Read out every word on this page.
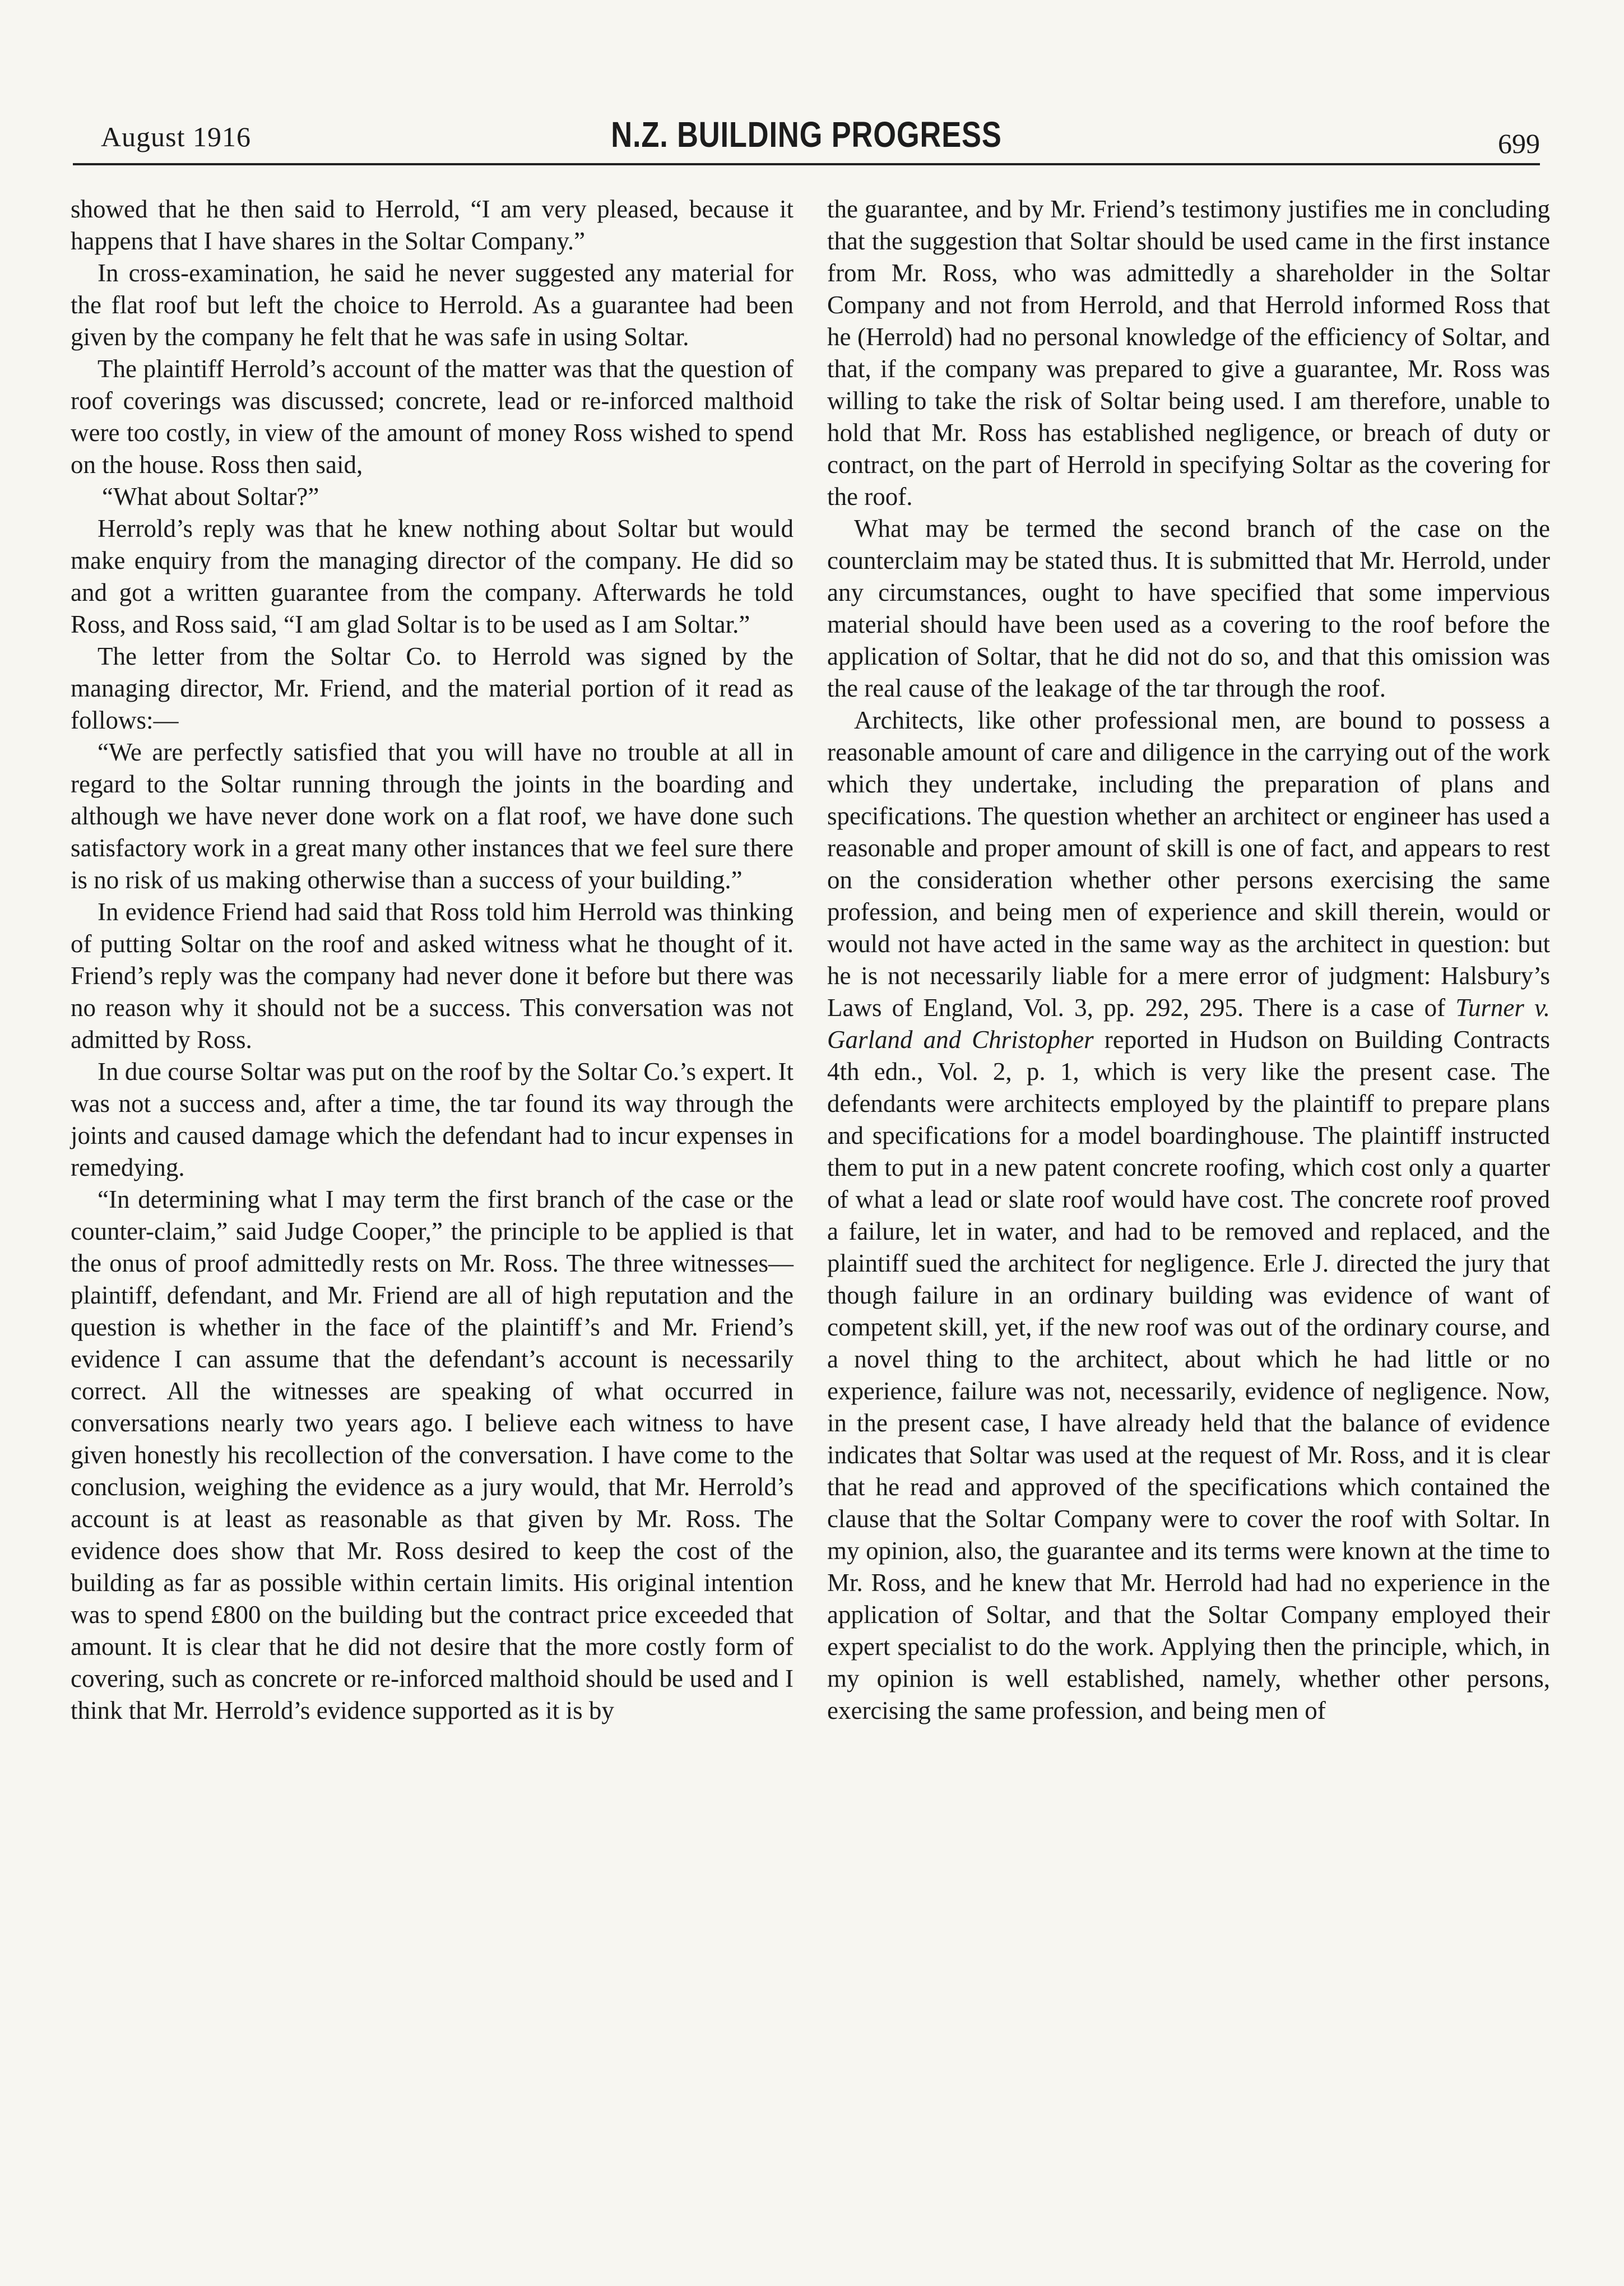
August 1916	N.Z. BUILDING PROGRESS	699

showed that he then said to Herrold, “I am very pleased, because it happens that I have shares in the Soltar Company.”

In cross-examination, he said he never suggested any material for the flat roof but left the choice to Herrold. As a guarantee had been given by the company he felt that he was safe in using Soltar.

The plaintiff Herrold’s account of the matter was that the question of roof coverings was discussed; concrete, lead or re-inforced malthoid were too costly, in view of the amount of money Ross wished to spend on the house. Ross then said,

“What about Soltar?”

Herrold’s reply was that he knew nothing about Soltar but would make enquiry from the managing director of the company. He did so and got a written guarantee from the company. Afterwards he told Ross, and Ross said, “I am glad Soltar is to be used as I am Soltar.”

The letter from the Soltar Co. to Herrold was signed by the managing director, Mr. Friend, and the material portion of it read as follows:—

“We are perfectly satisfied that you will have no trouble at all in regard to the Soltar running through the joints in the boarding and although we have never done work on a flat roof, we have done such satisfactory work in a great many other instances that we feel sure there is no risk of us making otherwise than a success of your building.”

In evidence Friend had said that Ross told him Herrold was thinking of putting Soltar on the roof and asked witness what he thought of it. Friend’s reply was the company had never done it before but there was no reason why it should not be a success. This conversation was not admitted by Ross.

In due course Soltar was put on the roof by the Soltar Co.’s expert. It was not a success and, after a time, the tar found its way through the joints and caused damage which the defendant had to incur expenses in remedying.

“In determining what I may term the first branch of the case or the counter-claim,” said Judge Cooper,” the principle to be applied is that the onus of proof admittedly rests on Mr. Ross. The three witnesses—plaintiff, defendant, and Mr. Friend are all of high reputation and the question is whether in the face of the plaintiff’s and Mr. Friend’s evidence I can assume that the defendant’s account is necessarily correct. All the witnesses are speaking of what occurred in conversations nearly two years ago. I believe each witness to have given honestly his recollection of the conversation. I have come to the conclusion, weighing the evidence as a jury would, that Mr. Herrold’s account is at least as reasonable as that given by Mr. Ross. The evidence does show that Mr. Ross desired to keep the cost of the building as far as possible within certain limits. His original intention was to spend £800 on the building but the contract price exceeded that amount. It is clear that he did not desire that the more costly form of covering, such as concrete or re-inforced malthoid should be used and I think that Mr. Herrold’s evidence supported as it is by

the guarantee, and by Mr. Friend’s testimony justifies me in concluding that the suggestion that Soltar should be used came in the first instance from Mr. Ross, who was admittedly a shareholder in the Soltar Company and not from Herrold, and that Herrold informed Ross that he (Herrold) had no personal knowledge of the efficiency of Soltar, and that, if the company was prepared to give a guarantee, Mr. Ross was willing to take the risk of Soltar being used. I am therefore, unable to hold that Mr. Ross has established negligence, or breach of duty or contract, on the part of Herrold in specifying Soltar as the covering for the roof.

What may be termed the second branch of the case on the counterclaim may be stated thus. It is submitted that Mr. Herrold, under any circumstances, ought to have specified that some impervious material should have been used as a covering to the roof before the application of Soltar, that he did not do so, and that this omission was the real cause of the leakage of the tar through the roof.

Architects, like other professional men, are bound to possess a reasonable amount of care and diligence in the carrying out of the work which they undertake, including the preparation of plans and specifications. The question whether an architect or engineer has used a reasonable and proper amount of skill is one of fact, and appears to rest on the consideration whether other persons exercising the same profession, and being men of experience and skill therein, would or would not have acted in the same way as the architect in question: but he is not necessarily liable for a mere error of judgment: Halsbury’s Laws of England, Vol. 3, pp. 292, 295. There is a case of Turner v. Garland and Christopher reported in Hudson on Building Contracts 4th edn., Vol. 2, p. 1, which is very like the present case. The defendants were architects employed by the plaintiff to prepare plans and specifications for a model boardinghouse. The plaintiff instructed them to put in a new patent concrete roofing, which cost only a quarter of what a lead or slate roof would have cost. The concrete roof proved a failure, let in water, and had to be removed and replaced, and the plaintiff sued the architect for negligence. Erle J. directed the jury that though failure in an ordinary building was evidence of want of competent skill, yet, if the new roof was out of the ordinary course, and a novel thing to the architect, about which he had little or no experience, failure was not, necessarily, evidence of negligence. Now, in the present case, I have already held that the balance of evidence indicates that Soltar was used at the request of Mr. Ross, and it is clear that he read and approved of the specifications which contained the clause that the Soltar Company were to cover the roof with Soltar. In my opinion, also, the guarantee and its terms were known at the time to Mr. Ross, and he knew that Mr. Herrold had had no experience in the application of Soltar, and that the Soltar Company employed their expert specialist to do the work. Applying then the principle, which, in my opinion is well established, namely, whether other persons, exercising the same profession, and being men of
